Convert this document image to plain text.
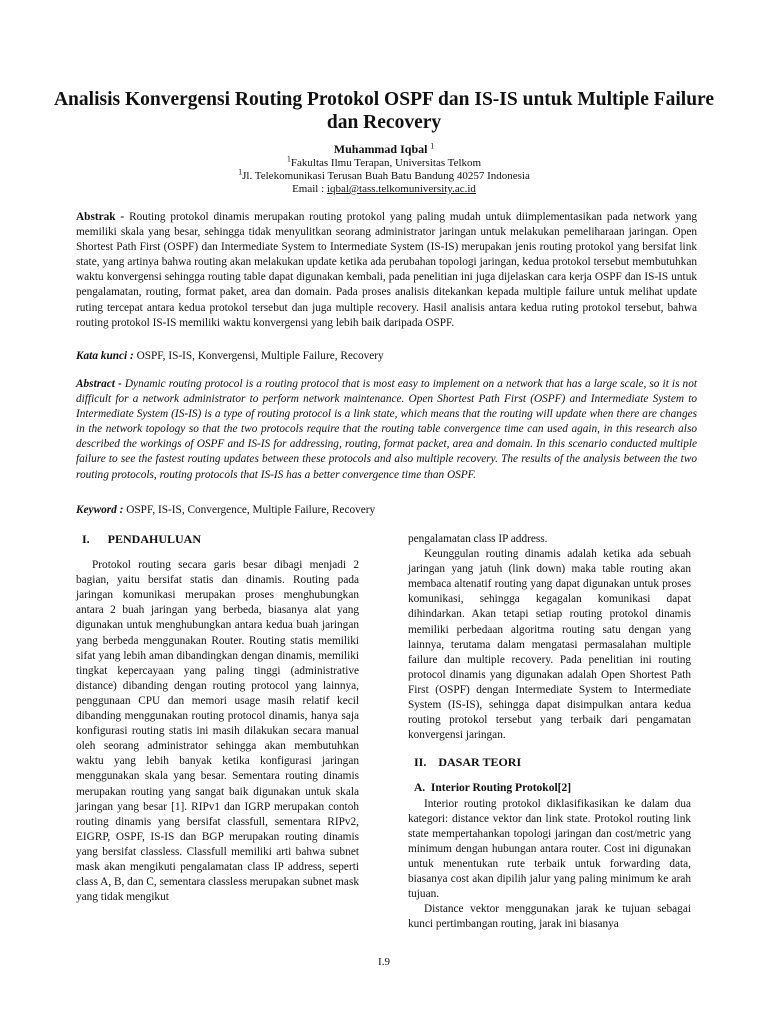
Analisis Konvergensi Routing Protokol OSPF dan IS-IS untuk Multiple Failure dan Recovery
Muhammad Iqbal $^1$
$^1$Fakultas Ilmu Terapan, Universitas Telkom
$^1$Jl. Telekomunikasi Terusan Buah Batu Bandung 40257 Indonesia
Email : iqbal@tass.telkomuniversity.ac.id
Abstrak - Routing protokol dinamis merupakan routing protokol yang paling mudah untuk diimplementasikan pada network yang memiliki skala yang besar, sehingga tidak menyulitkan seorang administrator jaringan untuk melakukan pemeliharaan jaringan. Open Shortest Path First (OSPF) dan Intermediate System to Intermediate System (IS-IS) merupakan jenis routing protokol yang bersifat link state, yang artinya bahwa routing akan melakukan update ketika ada perubahan topologi jaringan, kedua protokol tersebut membutuhkan waktu konvergensi sehingga routing table dapat digunakan kembali, pada penelitian ini juga dijelaskan cara kerja OSPF dan IS-IS untuk pengalamatan, routing, format paket, area dan domain. Pada proses analisis ditekankan kepada multiple failure untuk melihat update ruting tercepat antara kedua protokol tersebut dan juga multiple recovery. Hasil analisis antara kedua ruting protokol tersebut, bahwa routing protokol IS-IS memiliki waktu konvergensi yang lebih baik daripada OSPF.
Kata kunci : OSPF, IS-IS, Konvergensi, Multiple Failure, Recovery
Abstract - Dynamic routing protocol is a routing protocol that is most easy to implement on a network that has a large scale, so it is not difficult for a network administrator to perform network maintenance. Open Shortest Path First (OSPF) and Intermediate System to Intermediate System (IS-IS) is a type of routing protocol is a link state, which means that the routing will update when there are changes in the network topology so that the two protocols require that the routing table convergence time can used again, in this research also described the workings of OSPF and IS-IS for addressing, routing, format packet, area and domain. In this scenario conducted multiple failure to see the fastest routing updates between these protocols and also multiple recovery. The results of the analysis between the two routing protocols, routing protocols that IS-IS has a better convergence time than OSPF.
Keyword : OSPF, IS-IS, Convergence, Multiple Failure, Recovery

I.      PENDAHULUAN

Protokol routing secara garis besar dibagi menjadi 2 bagian, yaitu bersifat statis dan dinamis. Routing pada jaringan komunikasi merupakan proses menghubungkan antara 2 buah jaringan yang berbeda, biasanya alat yang digunakan untuk menghubungkan antara kedua buah jaringan yang berbeda menggunakan Router. Routing statis memiliki sifat yang lebih aman dibandingkan dengan dinamis, memiliki tingkat kepercayaan yang paling tinggi (administrative distance) dibanding dengan routing protocol yang lainnya, penggunaan CPU dan memori usage masih relatif kecil dibanding menggunakan routing protocol dinamis, hanya saja konfigurasi routing statis ini masih dilakukan secara manual oleh seorang administrator sehingga akan membutuhkan waktu yang lebih banyak ketika konfigurasi jaringan menggunakan skala yang besar. Sementara routing dinamis merupakan routing yang sangat baik digunakan untuk skala jaringan yang besar [1]. RIPv1 dan IGRP merupakan contoh routing dinamis yang bersifat classfull, sementara RIPv2, EIGRP, OSPF, IS-IS dan BGP merupakan routing dinamis yang bersifat classless. Classfull memiliki arti bahwa subnet mask akan mengikuti pengalamatan class IP address, seperti class A, B, dan C, sementara classless merupakan subnet mask yang tidak mengikut

pengalamatan class IP address.

Keunggulan routing dinamis adalah ketika ada sebuah jaringan yang jatuh (link down) maka table routing akan membaca altenatif routing yang dapat digunakan untuk proses komunikasi, sehingga kegagalan komunikasi dapat dihindarkan. Akan tetapi setiap routing protokol dinamis memiliki perbedaan algoritma routing satu dengan yang lainnya, terutama dalam mengatasi permasalahan multiple failure dan multiple recovery. Pada penelitian ini routing protocol dinamis yang digunakan adalah Open Shortest Path First (OSPF) dengan Intermediate System to Intermediate System (IS-IS), sehingga dapat disimpulkan antara kedua routing protokol tersebut yang terbaik dari pengamatan konvergensi jaringan.

II.    DASAR TEORI

A.  Interior Routing Protokol[2]

Interior routing protokol diklasifikasikan ke dalam dua kategori: distance vektor dan link state. Protokol routing link state mempertahankan topologi jaringan dan cost/metric yang minimum dengan hubungan antara router. Cost ini digunakan untuk menentukan rute terbaik untuk forwarding data, biasanya cost akan dipilih jalur yang paling minimum ke arah tujuan.

Distance vektor menggunakan jarak ke tujuan sebagai kunci pertimbangan routing, jarak ini biasanya

I.9
